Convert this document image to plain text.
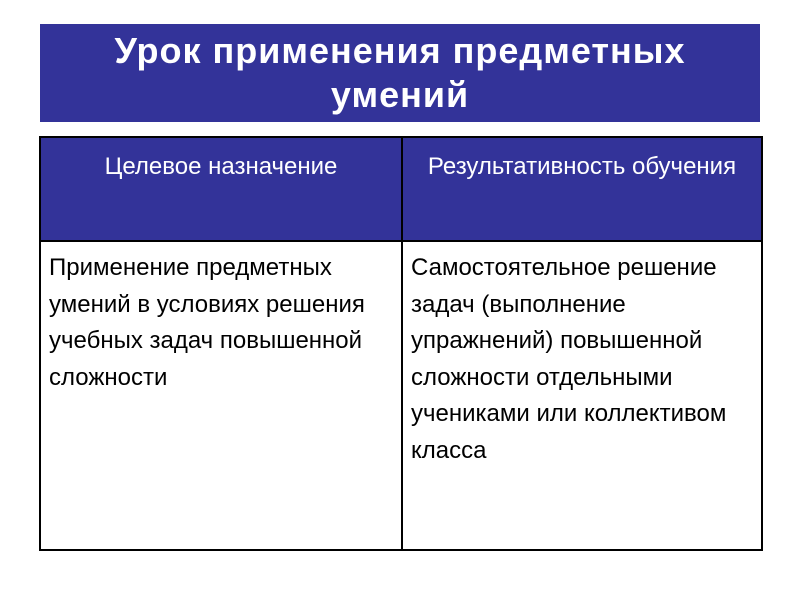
Урок применения предметных умений
Целевое назначение	Результативность обучения
Применение предметных умений в условиях решения учебных задач повышенной сложности	Самостоятельное решение задач (выполнение упражнений) повышенной сложности отдельными учениками или коллективом класса
